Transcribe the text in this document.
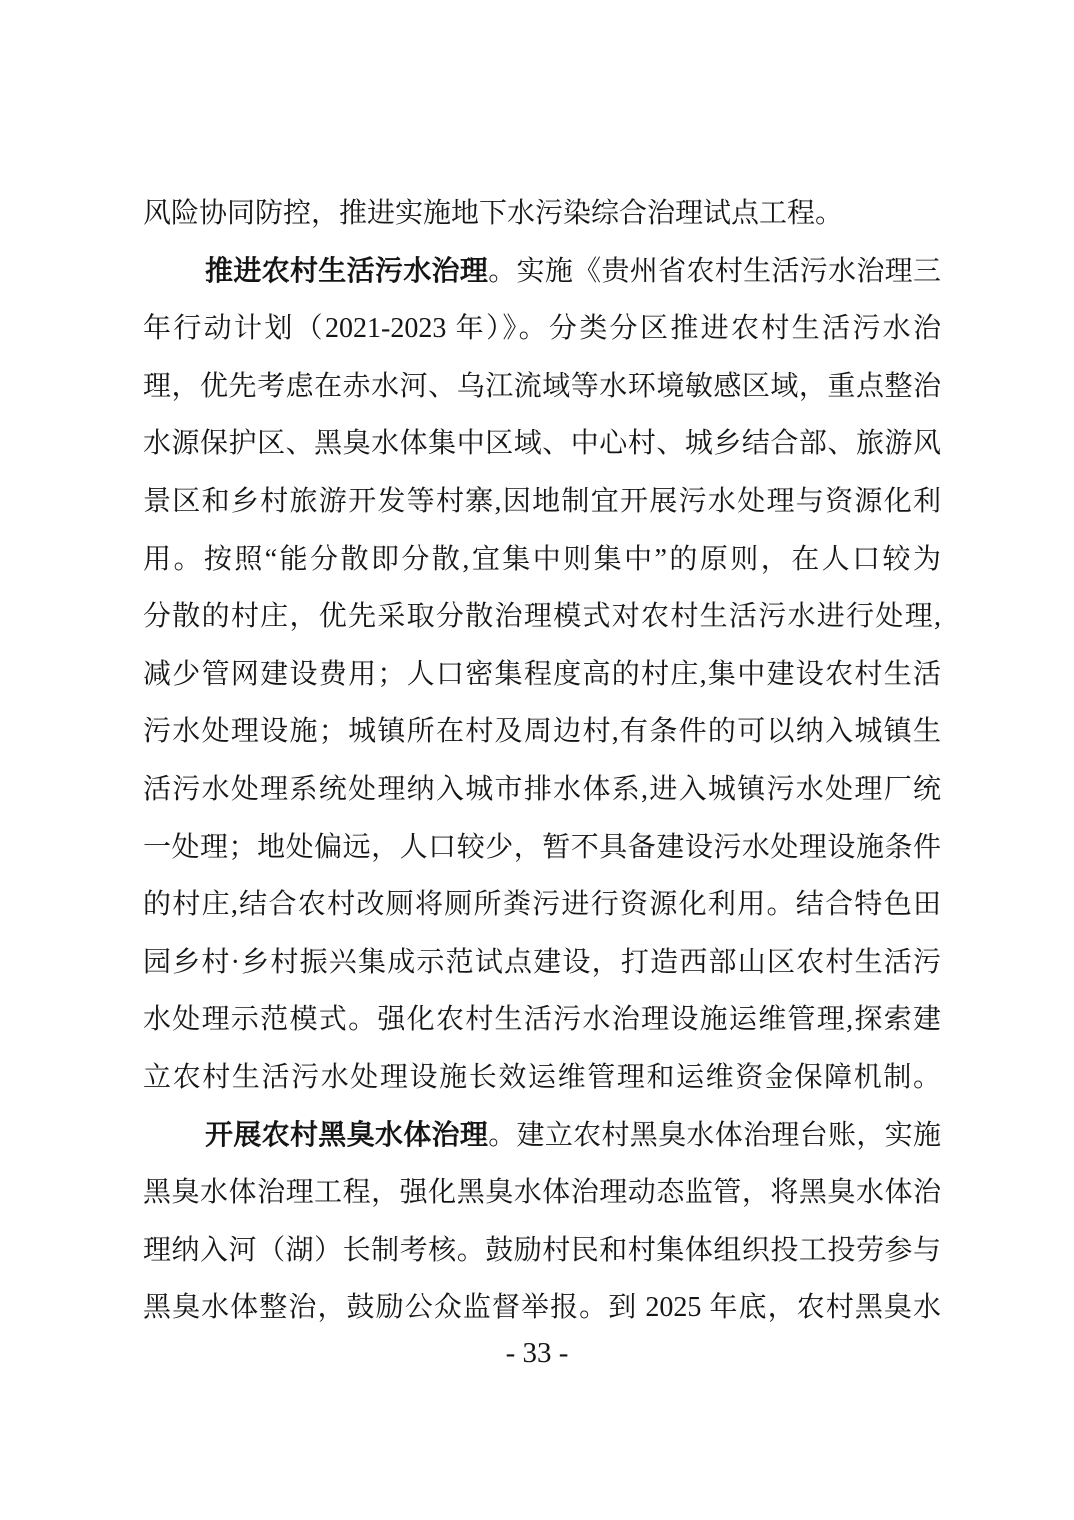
风险协同防控，推进实施地下水污染综合治理试点工程。
推进农村生活污水治理。实施《贵州省农村生活污水治理三
年行动计划（2021-2023 年）》。分类分区推进农村生活污水治
理，优先考虑在赤水河、乌江流域等水环境敏感区域，重点整治
水源保护区、黑臭水体集中区域、中心村、城乡结合部、旅游风
景区和乡村旅游开发等村寨,因地制宜开展污水处理与资源化利
用。按照“能分散即分散,宜集中则集中”的原则，在人口较为
分散的村庄，优先采取分散治理模式对农村生活污水进行处理,
减少管网建设费用；人口密集程度高的村庄,集中建设农村生活
污水处理设施；城镇所在村及周边村,有条件的可以纳入城镇生
活污水处理系统处理纳入城市排水体系,进入城镇污水处理厂统
一处理；地处偏远，人口较少，暂不具备建设污水处理设施条件
的村庄,结合农村改厕将厕所粪污进行资源化利用。结合特色田
园乡村·乡村振兴集成示范试点建设，打造西部山区农村生活污
水处理示范模式。强化农村生活污水治理设施运维管理,探索建
立农村生活污水处理设施长效运维管理和运维资金保障机制。
开展农村黑臭水体治理。建立农村黑臭水体治理台账，实施
黑臭水体治理工程，强化黑臭水体治理动态监管，将黑臭水体治
理纳入河（湖）长制考核。鼓励村民和村集体组织投工投劳参与
黑臭水体整治，鼓励公众监督举报。到 2025 年底，农村黑臭水
- 33 -
